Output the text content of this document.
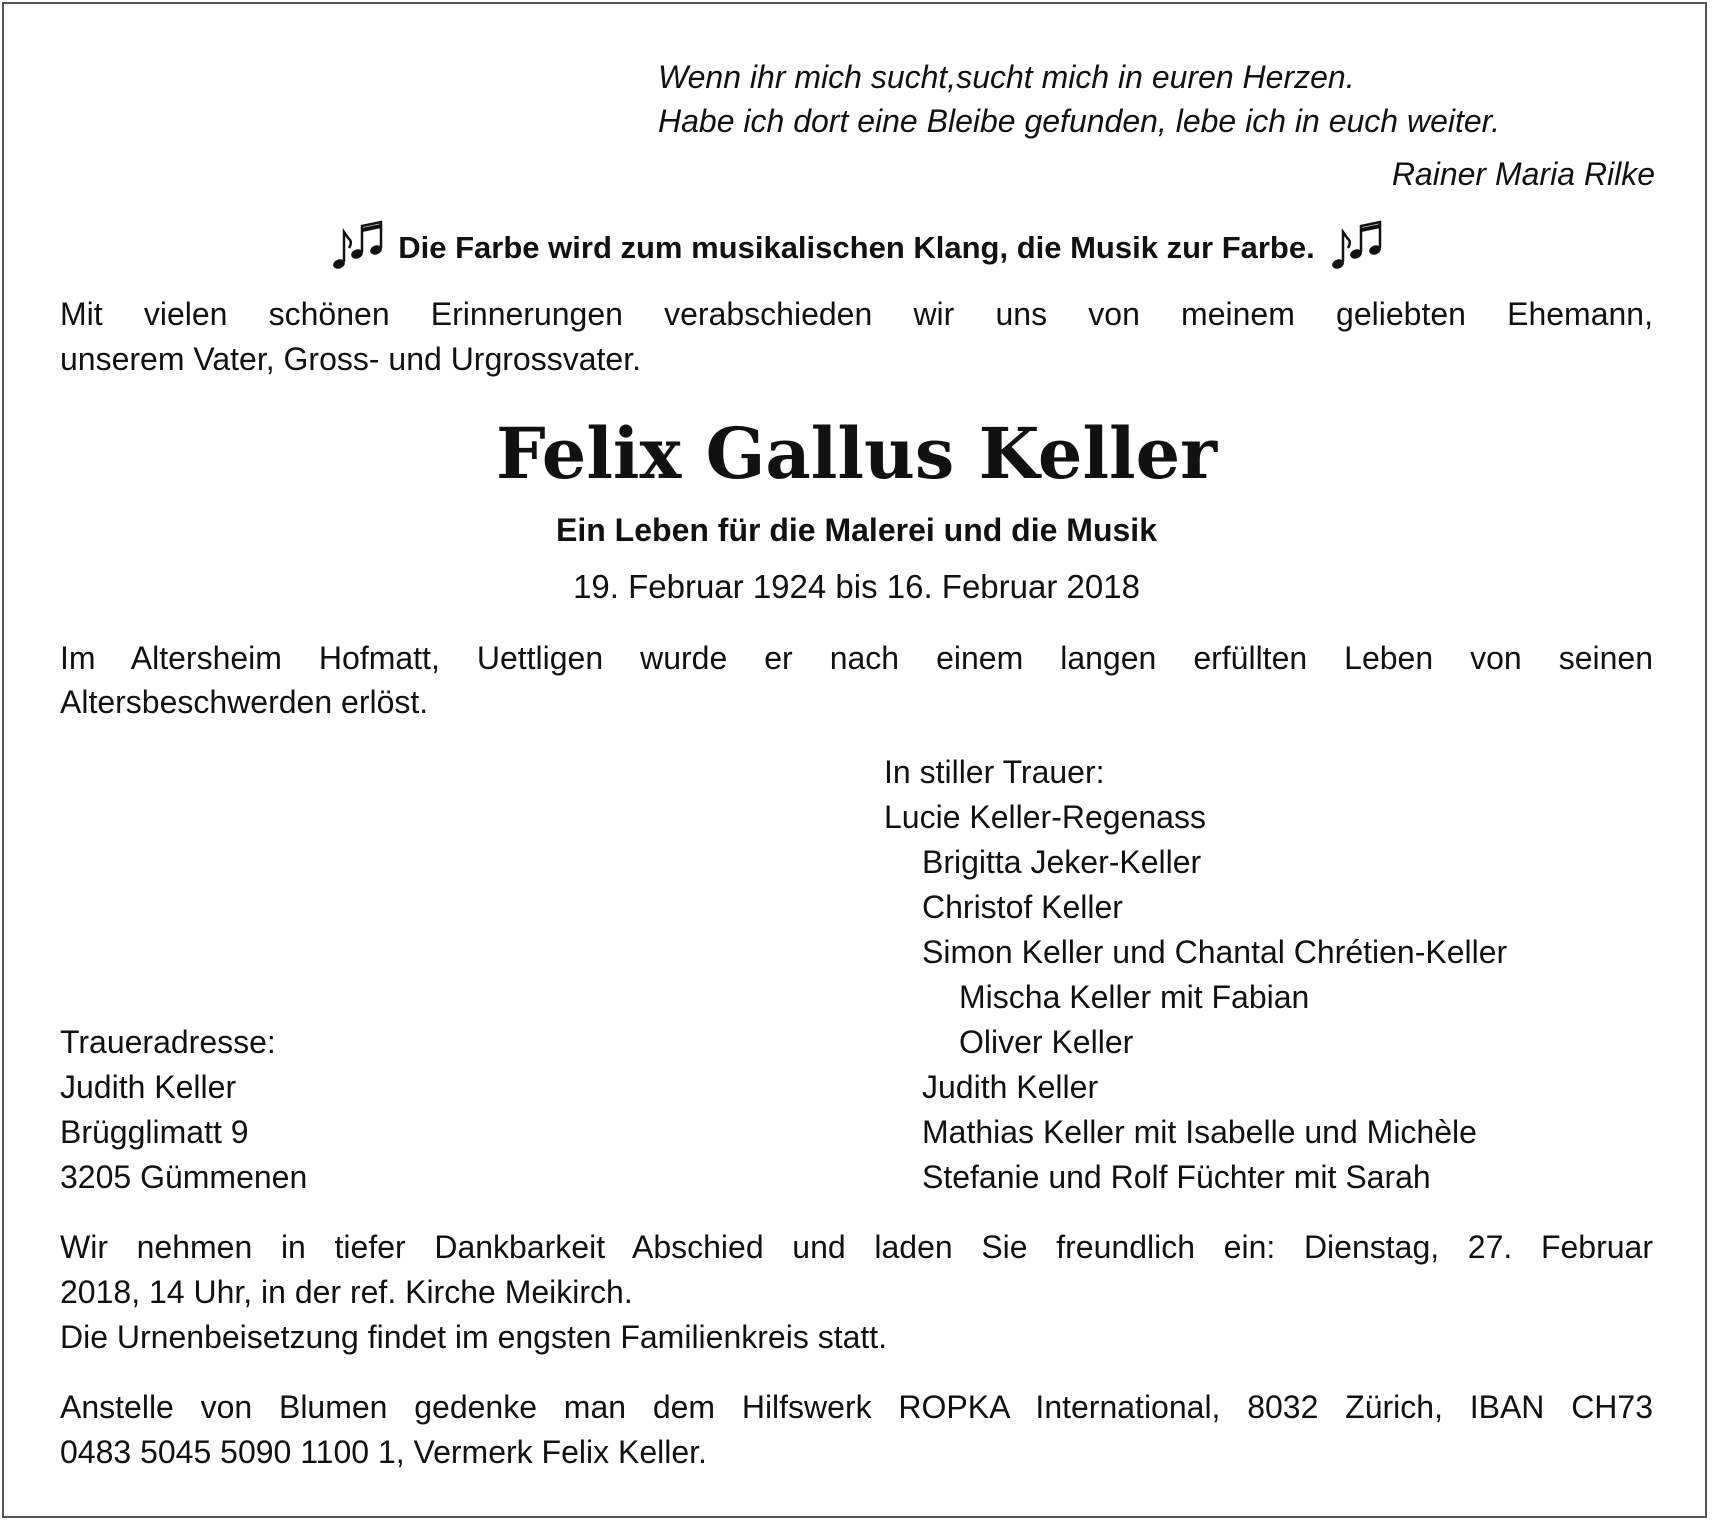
Wenn ihr mich sucht,sucht mich in euren Herzen.
Habe ich dort eine Bleibe gefunden, lebe ich in euch weiter.
Rainer Maria Rilke
Die Farbe wird zum musikalischen Klang, die Musik zur Farbe.
Mit vielen schönen Erinnerungen verabschieden wir uns von meinem geliebten Ehemann,
unserem Vater, Gross- und Urgrossvater.
Felix Gallus Keller
Ein Leben für die Malerei und die Musik
19. Februar 1924 bis 16. Februar 2018
Im Altersheim Hofmatt, Uettligen wurde er nach einem langen erfüllten Leben von seinen
Altersbeschwerden erlöst.
In stiller Trauer:
Lucie Keller-Regenass
Brigitta Jeker-Keller
Christof Keller
Simon Keller und Chantal Chrétien-Keller
Mischa Keller mit Fabian
Oliver Keller
Judith Keller
Mathias Keller mit Isabelle und Michèle
Stefanie und Rolf Füchter mit Sarah
Traueradresse:
Judith Keller
Brügglimatt 9
3205 Gümmenen
Wir nehmen in tiefer Dankbarkeit Abschied und laden Sie freundlich ein: Dienstag, 27. Februar
2018, 14 Uhr, in der ref. Kirche Meikirch.
Die Urnenbeisetzung findet im engsten Familienkreis statt.
Anstelle von Blumen gedenke man dem Hilfswerk ROPKA International, 8032 Zürich, IBAN CH73
0483 5045 5090 1100 1, Vermerk Felix Keller.
